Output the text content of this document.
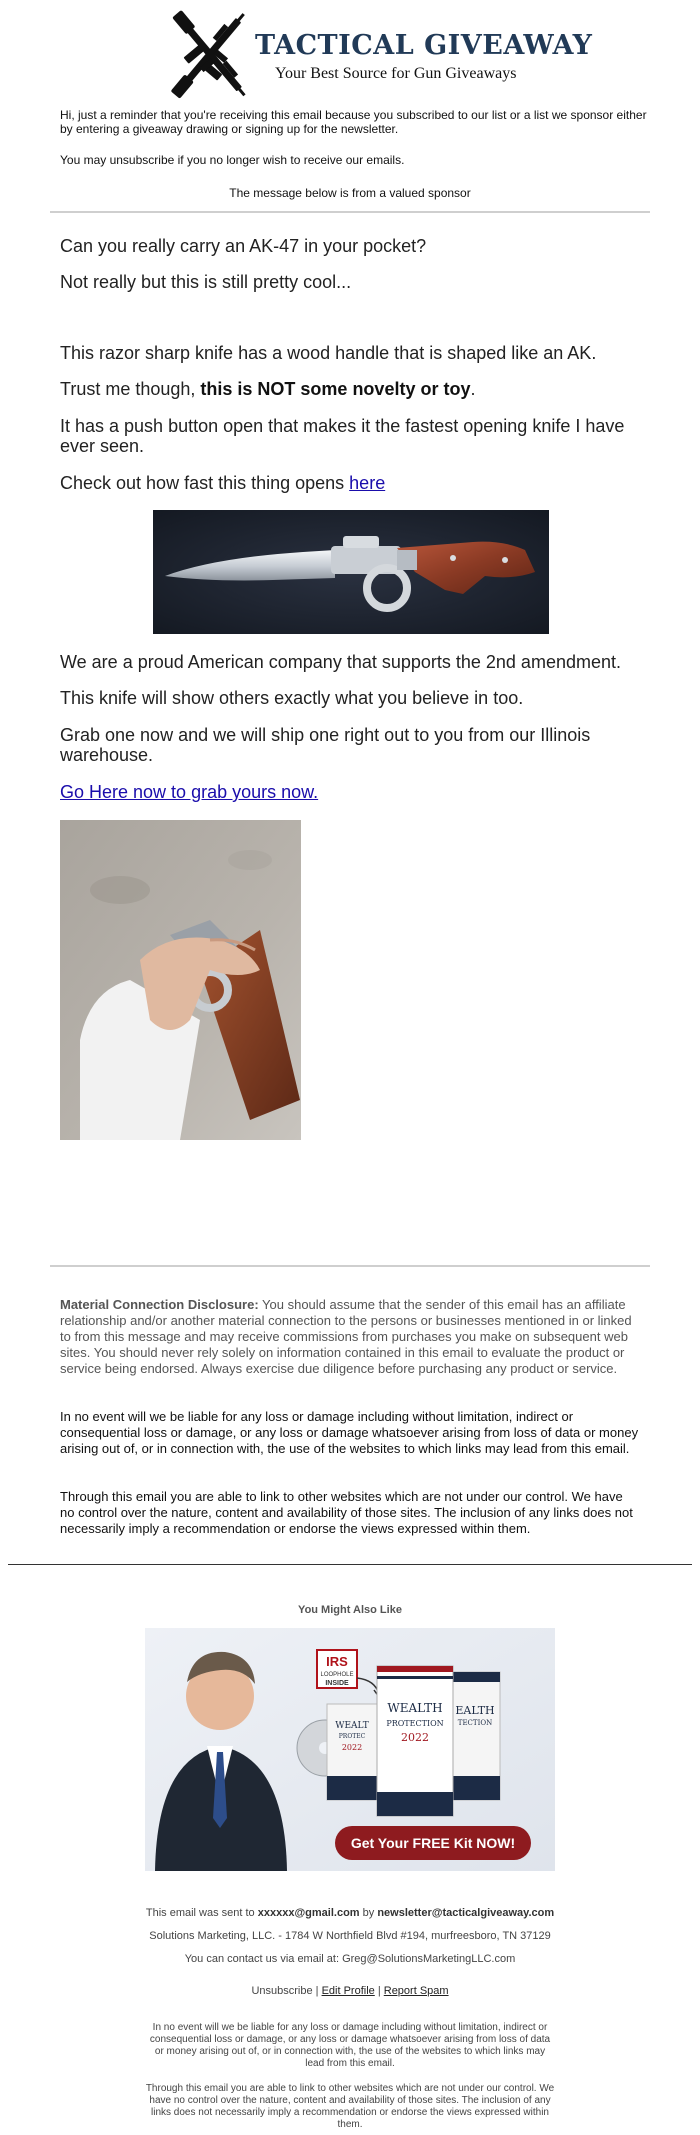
TACTICAL GIVEAWAY
Your Best Source for Gun Giveaways

Hi, just a reminder that you're receiving this email because you subscribed to our list or a list we sponsor either by entering a giveaway drawing or signing up for the newsletter.

You may unsubscribe if you no longer wish to receive our emails.

The message below is from a valued sponsor

Can you really carry an AK-47 in your pocket?

Not really but this is still pretty cool...

This razor sharp knife has a wood handle that is shaped like an AK.

Trust me though, this is NOT some novelty or toy.

It has a push button open that makes it the fastest opening knife I have ever seen.

Check out how fast this thing opens here

We are a proud American company that supports the 2nd amendment.

This knife will show others exactly what you believe in too.

Grab one now and we will ship one right out to you from our Illinois warehouse.

Go Here now to grab yours now.

Material Connection Disclosure: You should assume that the sender of this email has an affiliate relationship and/or another material connection to the persons or businesses mentioned in or linked to from this message and may receive commissions from purchases you make on subsequent web sites. You should never rely solely on information contained in this email to evaluate the product or service being endorsed. Always exercise due diligence before purchasing any product or service.

In no event will we be liable for any loss or damage including without limitation, indirect or consequential loss or damage, or any loss or damage whatsoever arising from loss of data or money arising out of, or in connection with, the use of the websites to which links may lead from this email.

Through this email you are able to link to other websites which are not under our control. We have no control over the nature, content and availability of those sites. The inclusion of any links does not necessarily imply a recommendation or endorse the views expressed within them.

You Might Also Like

IRS
LOOPHOLE
INSIDE
WEALT
PROTEC
2022
EALTH
TECTION
WEALTH
PROTECTION
2022
Get Your FREE Kit NOW!

This email was sent to xxxxxx@gmail.com by newsletter@tacticalgiveaway.com

Solutions Marketing, LLC. - 1784 W Northfield Blvd #194, murfreesboro, TN 37129

You can contact us via email at: Greg@SolutionsMarketingLLC.com

Unsubscribe | Edit Profile | Report Spam

In no event will we be liable for any loss or damage including without limitation, indirect or consequential loss or damage, or any loss or damage whatsoever arising from loss of data or money arising out of, or in connection with, the use of the websites to which links may lead from this email.

Through this email you are able to link to other websites which are not under our control. We have no control over the nature, content and availability of those sites. The inclusion of any links does not necessarily imply a recommendation or endorse the views expressed within them.
